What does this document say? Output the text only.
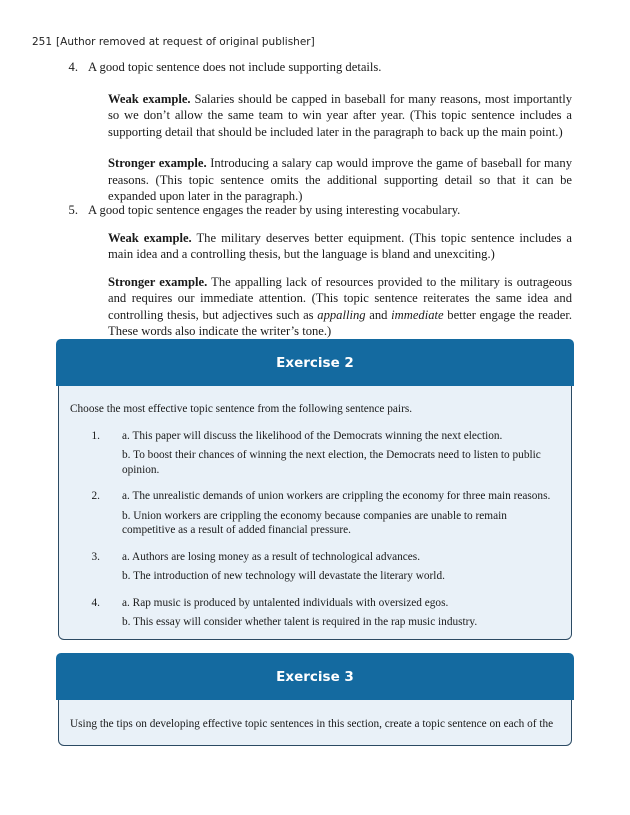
251 [Author removed at request of original publisher]
4. A good topic sentence does not include supporting details.

Weak example. Salaries should be capped in baseball for many reasons, most importantly so we don’t allow the same team to win year after year. (This topic sentence includes a supporting detail that should be included later in the paragraph to back up the main point.)

Stronger example. Introducing a salary cap would improve the game of baseball for many reasons. (This topic sentence omits the additional supporting detail so that it can be expanded upon later in the paragraph.)

5. A good topic sentence engages the reader by using interesting vocabulary.

Weak example. The military deserves better equipment. (This topic sentence includes a main idea and a controlling thesis, but the language is bland and unexciting.)

Stronger example. The appalling lack of resources provided to the military is outrageous and requires our immediate attention. (This topic sentence reiterates the same idea and controlling thesis, but adjectives such as appalling and immediate better engage the reader. These words also indicate the writer’s tone.)

Exercise 2

Choose the most effective topic sentence from the following sentence pairs.

1. a. This paper will discuss the likelihood of the Democrats winning the next election.

b. To boost their chances of winning the next election, the Democrats need to listen to public opinion.

2. a. The unrealistic demands of union workers are crippling the economy for three main reasons.

b. Union workers are crippling the economy because companies are unable to remain competitive as a result of added financial pressure.

3. a. Authors are losing money as a result of technological advances.

b. The introduction of new technology will devastate the literary world.

4. a. Rap music is produced by untalented individuals with oversized egos.

b. This essay will consider whether talent is required in the rap music industry.

Exercise 3

Using the tips on developing effective topic sentences in this section, create a topic sentence on each of the
